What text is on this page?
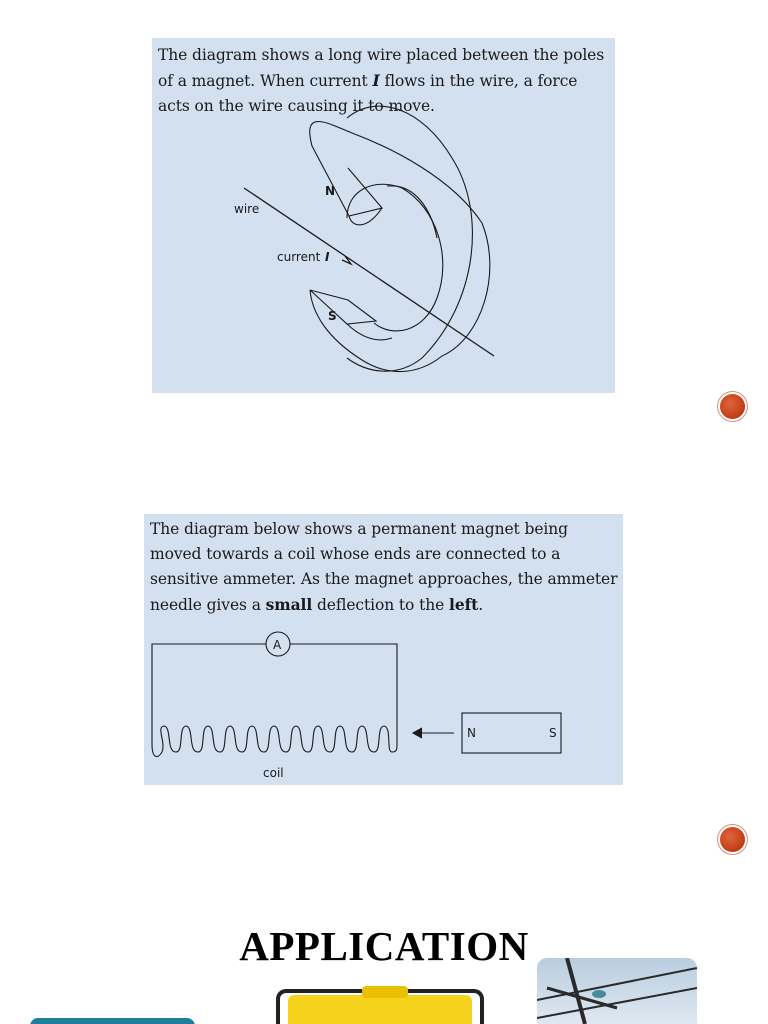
The diagram shows a long wire placed between the poles of a magnet. When current I flows in the wire, a force acts on the wire causing it to move.

wire
current I
N
S

The diagram below shows a permanent magnet being moved towards a coil whose ends are connected to a sensitive ammeter. As the magnet approaches, the ammeter needle gives a small deflection to the left.

A
coil
N	S
APPLICATION
